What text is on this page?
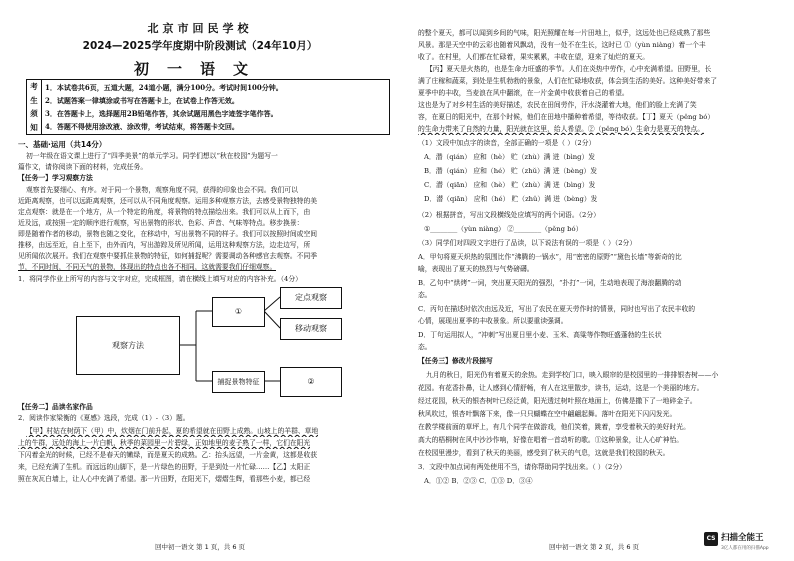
北京市回民学校
2024—2025学年度期中阶段测试（24年10月）
初一语文
考
生
须
知
1．本试卷共6页，五道大题，24道小题，满分100分。考试时间100分钟。
2．试题答案一律填涂或书写在答题卡上，在试卷上作答无效。
3．在答题卡上，选择题用2B铅笔作答，其余试题用黑色字迹签字笔作答。
4．答题不得使用涂改液、涂改带，考试结束，将答题卡交回。
一、基础·运用（共14分）
初一年级在语文课上进行了“四季美景”的单元学习。同学们想以“秋在校园”为题写一
篇作文，请你阅读下面的材料，完成任务。
【任务一】学习观察方法
观察首先要细心、有序。对于同一个景物，观察角度不同，获得的印象也会不同。我们可以
近距离观察，也可以远距离观察，还可以从不同角度观察。运用多种观察方法，去感受景物独特的美
定点观察：就是在一个地方，从一个特定的角度，将景物的特点描绘出来。我们可以从上而下，由
近及远，或按照一定的顺序进行观察，写出景物的形状、色彩、声音、气味等特点。移步换景：
即是随着作者的移动，景物也随之变化，在移动中，写出景物不同的样子。我们可以按照时间或空间
推移，由远至近，自上至下，由外而内，写出游踪及所见所闻，运用这种观察方法，边走边写，所
见所闻依次展开。我们在观察中要抓住景物的特征，如何捕捉呢？需要调动各种感官去观察。不同季
节，不同时间，不同天气的景物，体现出的特点也各不相同，这就需要我们仔细观察。
1．将同学作业上所写的内容与文字对应，完成框图，请在横线上填写对应的内容补充。（4分）
观察方法
①
定点观察
移动观察
捕捉景物特征	②
【任务二】品读名家作品
2．阅读作家梁衡的《夏感》选段，完成（1）-（3）题。
【甲】村姑在树荫下（甲）中，炊烟在门前升起，夏的希望就在田野上成熟。山坡上的羊群、草地
上的牛群，远处的海上一片白帆，秋季的菜园里一片碧绿，正如地里的麦子熟了一样，它们在阳光
下闪着金光的时候，已经不是春天的嫩绿，而是夏天的成熟。乙：抬头远望，一片金黄，这都是收获
来，已经充满了生机。而远远的山脚下，是一片绿色的田野，于是到处一片忙碌……【乙】太阳正
照在灰瓦白墙上，让人心中充满了希望。那一片田野，在阳光下，熠熠生辉，看那些小麦，都已经
回中初一语文 第 1 页，共 6 页
的整个夏天，都可以闻到乡间的气味，阳光照耀在每一片田地上，似乎，这远处也已经成熟了那些
风景。那是天空中的云彩也随着风飘动，没有一处不在生长，这时已 ①（yùn niàng）着一个丰
收了。在村里，人们都在忙碌着，果实累累，丰收在望，迎来了灿烂的夏天。
【丙】夏天是火热的，也是生命力旺盛的季节。人们在炎热中劳作，心中充满希望。田野里，长
满了庄稼和蔬菜，到处是生机勃勃的景象，人们在忙碌地收获，体会到生活的美好。这种美好带来了
夏季中的丰收，当麦浪在风中翻滚，在一片金黄中收获着自己的希望。
这也是为了对乡村生活的美好描述，农民在田间劳作，汗水浇灌着大地，他们的脸上充满了笑
容，在夏日的阳光中，在那个时候，他们在田地中播种着希望，等待收获。【丁】夏天（pěng bó）
的生命力带来了自然的力量，阳光就在这里，给人希望。②（pěng bó）生命力是夏天的特点。
（1）文段中加点字的读音，全部正确的一项是（ ）（2分）
A．潜（qián） 应和（hè） 贮（zhù）满 迸（bìng）发
B．潜（qián） 应和（hé） 贮（zhǔ）满 迸（bèng）发
C．潜（qiān） 应和（hè） 贮（zhù）满 迸（bìng）发
D．潜（qiān） 应和（hé） 贮（zhǔ）满 迸（bèng）发
（2）根据拼音，写出文段横线处应填写的两个词语。（2分）
①________（yùn niàng） ②________（pěng bó）
（3）同学们对四段文字进行了品读，以下说法有误的一项是（ ）（2分）
A．甲句将夏天炽热的氛围比作“沸腾的一锅水”，用“密密的原野”“黛色长墙”等新奇的比
喻，表现出了夏天的热烈与气势磅礴。
B．乙句中“烘烤”一词，突出夏天阳光的强烈，“扑打”一词，生动地表现了海浪翻腾的动
态。
C．丙句在描述时依次由远及近，写出了农民在夏天劳作时的情景，同时也写出了农民丰收的
心情，展现出夏季的丰收景象。所以要重读强调。
D．丁句运用拟人，“冲刺”写出夏日里小麦、玉米、高粱等作物旺盛蓬勃的生长状
态。
【任务三】修改片段描写
九月的秋日，阳光仍有着夏天的余热。走到学校门口，映入眼帘的是校园里的一排排银杏树——小
花园。有花香扑鼻，让人感到心情舒畅，有人在这里散步，读书，运动，这是一个美丽的地方。
经过花园，秋天的银杏树叶已经泛黄，阳光透过树叶照在地面上，仿佛是撒下了一地碎金子。
秋风吹过，银杏叶飘落下来，像一只只蝴蝶在空中翩翩起舞。落叶在阳光下闪闪发光。
在教学楼前面的草坪上，有几个同学在做游戏，他们笑着，跳着，享受着秋天的美好时光。
高大的梧桐树在风中沙沙作响，好像在唱着一首动听的歌。①这种景象，让人心旷神怡。
在校园里漫步，看到了秋天的美丽，感受到了秋天的气息，这就是我们校园的秋天。
3．文段中加点词有两处使用不当，请你帮助同学找出来。（ ）（2分）
A．①② B．②③ C．①③ D．③④
回中初一语文 第 2 页，共 6 页
CS 扫描全能王
3亿人都在用的扫描App
